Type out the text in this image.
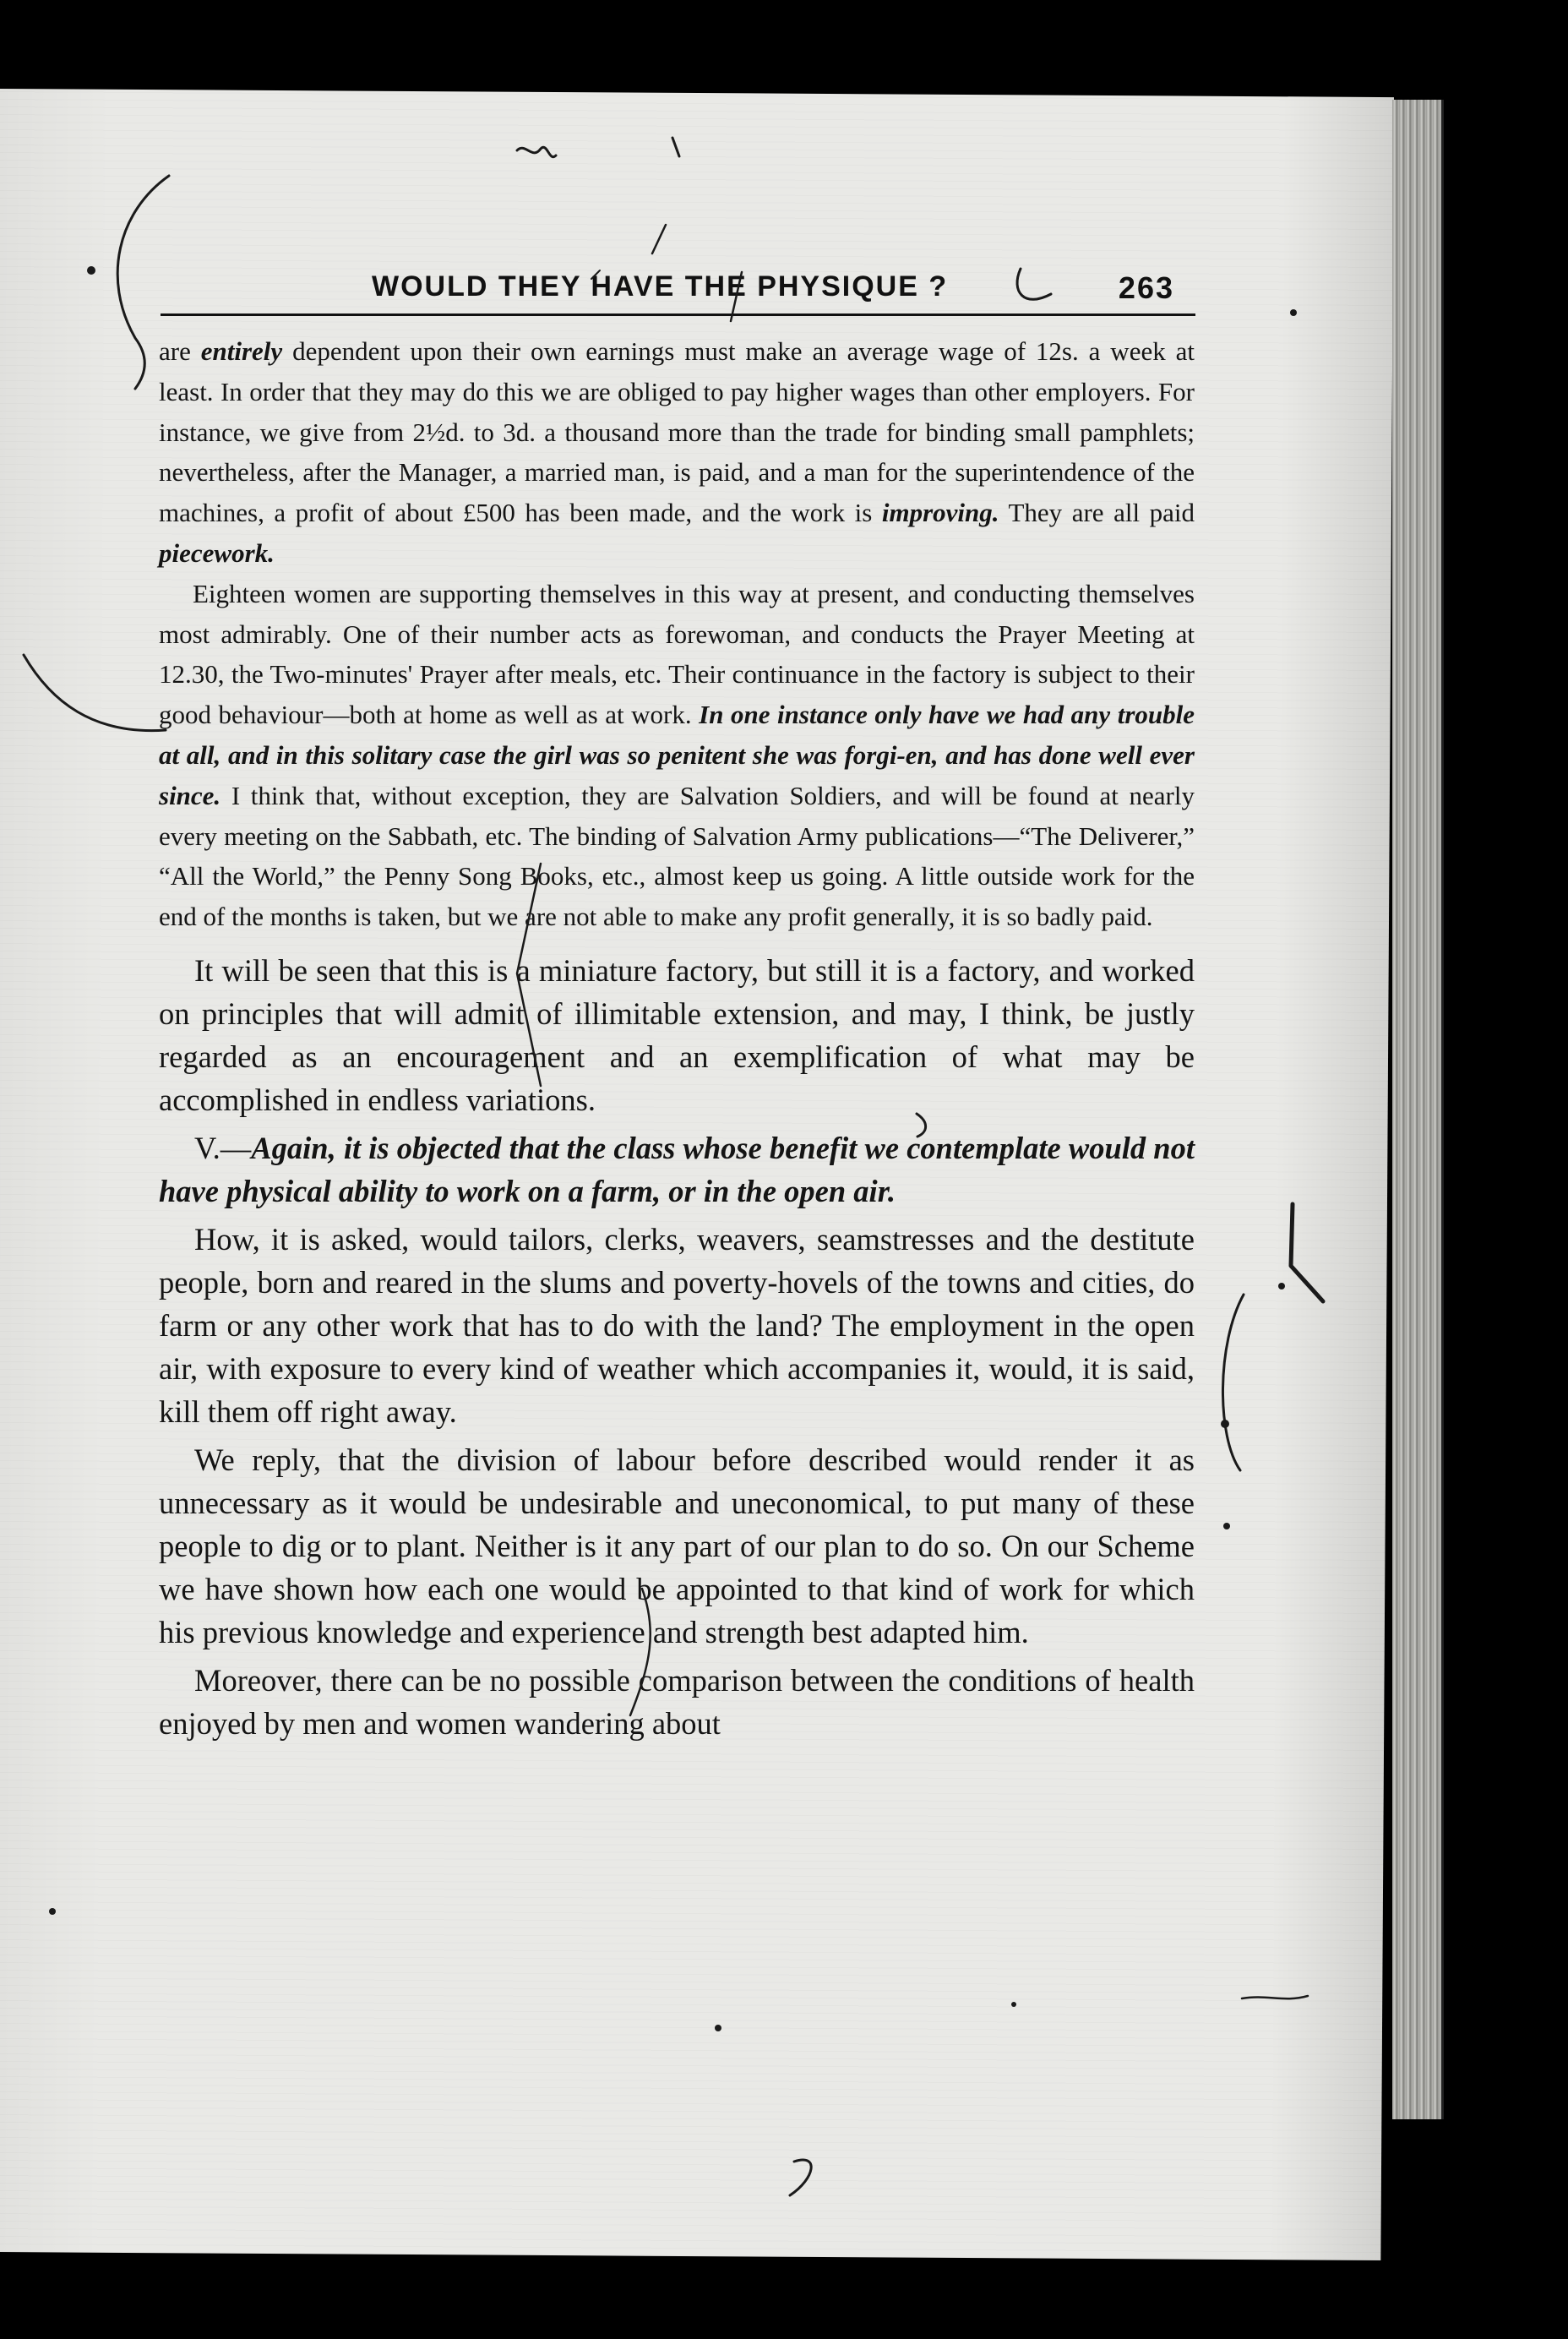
WOULD THEY HAVE THE PHYSIQUE ?	263

are entirely dependent upon their own earnings must make an average wage of 12s. a week at least. In order that they may do this we are obliged to pay higher wages than other employers. For instance, we give from 2½d. to 3d. a thousand more than the trade for binding small pamphlets; nevertheless, after the Manager, a married man, is paid, and a man for the superintendence of the machines, a profit of about £500 has been made, and the work is improving. They are all paid piecework.

Eighteen women are supporting themselves in this way at present, and conducting themselves most admirably. One of their number acts as forewoman, and conducts the Prayer Meeting at 12.30, the Two-minutes' Prayer after meals, etc. Their continuance in the factory is subject to their good behaviour—both at home as well as at work. In one instance only have we had any trouble at all, and in this solitary case the girl was so penitent she was forgi-en, and has done well ever since. I think that, without exception, they are Salvation Soldiers, and will be found at nearly every meeting on the Sabbath, etc. The binding of Salvation Army publications—“The Deliverer,” “All the World,” the Penny Song Books, etc., almost keep us going. A little outside work for the end of the months is taken, but we are not able to make any profit generally, it is so badly paid.

It will be seen that this is a miniature factory, but still it is a factory, and worked on principles that will admit of illimitable extension, and may, I think, be justly regarded as an encouragement and an exemplification of what may be accomplished in endless variations.

V.—Again, it is objected that the class whose benefit we contemplate would not have physical ability to work on a farm, or in the open air.

How, it is asked, would tailors, clerks, weavers, seamstresses and the destitute people, born and reared in the slums and poverty-hovels of the towns and cities, do farm or any other work that has to do with the land? The employment in the open air, with exposure to every kind of weather which accompanies it, would, it is said, kill them off right away.

We reply, that the division of labour before described would render it as unnecessary as it would be undesirable and uneconomical, to put many of these people to dig or to plant. Neither is it any part of our plan to do so. On our Scheme we have shown how each one would be appointed to that kind of work for which his previous knowledge and experience and strength best adapted him.

Moreover, there can be no possible comparison between the conditions of health enjoyed by men and women wandering about
